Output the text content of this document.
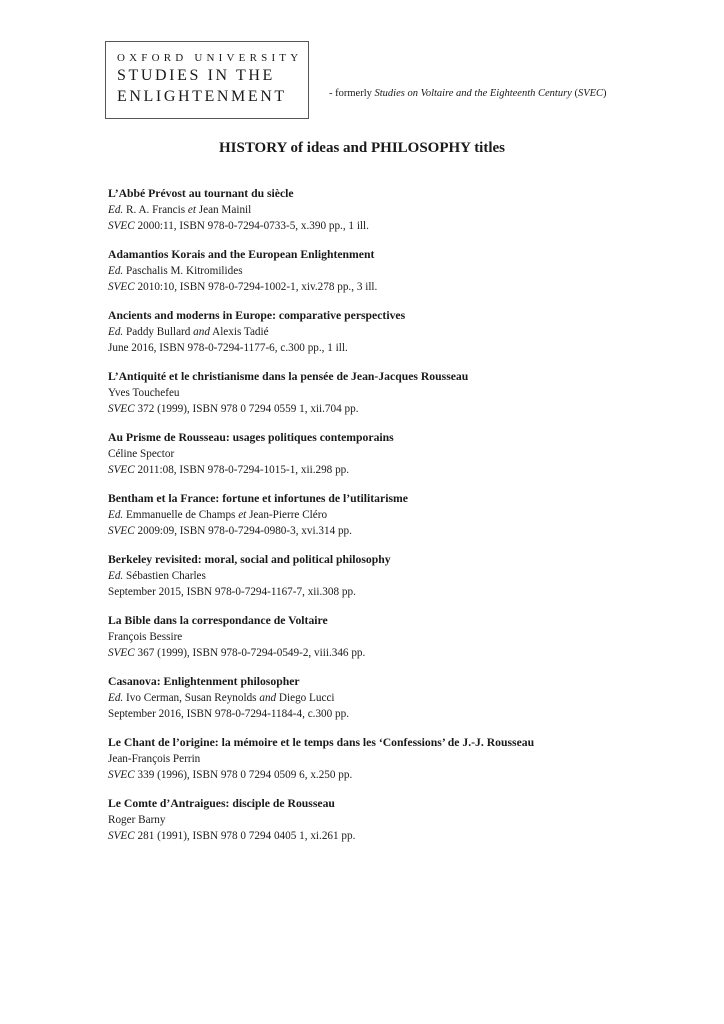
OXFORD UNIVERSITY
STUDIES IN THE
ENLIGHTENMENT	- formerly Studies on Voltaire and the Eighteenth Century (SVEC)
HISTORY of ideas and PHILOSOPHY titles
L’Abbé Prévost au tournant du siècle
Ed. R. A. Francis et Jean Mainil
SVEC 2000:11, ISBN 978-0-7294-0733-5, x.390 pp., 1 ill.
Adamantios Korais and the European Enlightenment
Ed. Paschalis M. Kitromilides
SVEC 2010:10, ISBN 978-0-7294-1002-1, xiv.278 pp., 3 ill.
Ancients and moderns in Europe: comparative perspectives
Ed. Paddy Bullard and Alexis Tadié
June 2016, ISBN 978-0-7294-1177-6, c.300 pp., 1 ill.
L’Antiquité et le christianisme dans la pensée de Jean-Jacques Rousseau
Yves Touchefeu
SVEC 372 (1999), ISBN 978 0 7294 0559 1, xii.704 pp.
Au Prisme de Rousseau: usages politiques contemporains
Céline Spector
SVEC 2011:08, ISBN 978-0-7294-1015-1, xii.298 pp.
Bentham et la France: fortune et infortunes de l’utilitarisme
Ed. Emmanuelle de Champs et Jean-Pierre Cléro
SVEC 2009:09, ISBN 978-0-7294-0980-3, xvi.314 pp.
Berkeley revisited: moral, social and political philosophy
Ed. Sébastien Charles
September 2015, ISBN 978-0-7294-1167-7, xii.308 pp.
La Bible dans la correspondance de Voltaire
François Bessire
SVEC 367 (1999), ISBN 978-0-7294-0549-2, viii.346 pp.
Casanova: Enlightenment philosopher
Ed. Ivo Cerman, Susan Reynolds and Diego Lucci
September 2016, ISBN 978-0-7294-1184-4, c.300 pp.
Le Chant de l’origine: la mémoire et le temps dans les ‘Confessions’ de J.-J. Rousseau
Jean-François Perrin
SVEC 339 (1996), ISBN 978 0 7294 0509 6, x.250 pp.
Le Comte d’Antraigues: disciple de Rousseau
Roger Barny
SVEC 281 (1991), ISBN 978 0 7294 0405 1, xi.261 pp.
